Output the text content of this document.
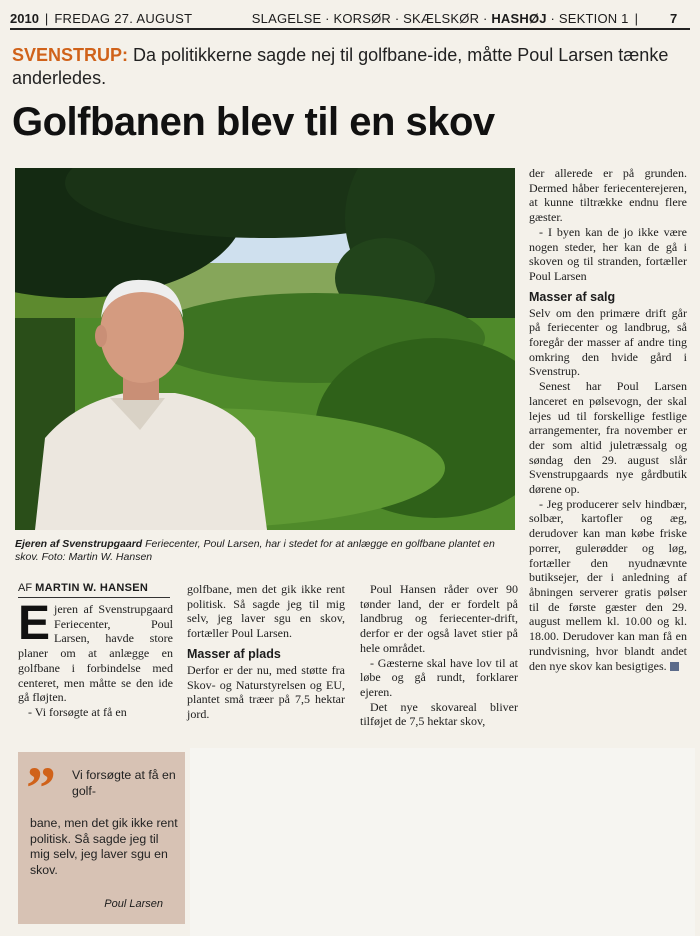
2010 | FREDAG 27. AUGUST	SLAGELSE · KORSØR · SKÆLSKØR · HASHØJ · SEKTION 1 | 7
SVENSTRUP: Da politikkerne sagde nej til golfbane-ide, måtte Poul Larsen tænke anderledes.
Golfbanen blev til en skov
Ejeren af Svenstrupgaard Feriecenter, Poul Larsen, har i stedet for at anlægge en golfbane plantet en skov. Foto: Martin W. Hansen
AF MARTIN W. HANSEN

Ejeren af Svenstrupgaard Feriecenter, Poul Larsen, havde store planer om at anlægge en golfbane i forbindelse med centeret, men måtte se den ide gå fløjten.

- Vi forsøgte at få en

golfbane, men det gik ikke rent politisk. Så sagde jeg til mig selv, jeg laver sgu en skov, fortæller Poul Larsen.

Masser af plads

Derfor er der nu, med støtte fra Skov- og Naturstyrelsen og EU, plantet små træer på 7,5 hektar jord.

Poul Hansen råder over 90 tønder land, der er fordelt på landbrug og feriecenter-drift, derfor er der også lavet stier på hele området.

- Gæsterne skal have lov til at løbe og gå rundt, forklarer ejeren.

Det nye skovareal bliver tilføjet de 7,5 hektar skov,

der allerede er på grunden. Dermed håber feriecenterejeren, at kunne tiltrække endnu flere gæster.

- I byen kan de jo ikke være nogen steder, her kan de gå i skoven og til stranden, fortæller Poul Larsen

Masser af salg

Selv om den primære drift går på feriecenter og landbrug, så foregår der masser af andre ting omkring den hvide gård i Svenstrup.

Senest har Poul Larsen lanceret en pølsevogn, der skal lejes ud til forskellige festlige arrangementer, fra november er der som altid juletræssalg og søndag den 29. august slår Svenstrupgaards nye gårdbutik dørene op.

- Jeg producerer selv hindbær, solbær, kartofler og æg, derudover kan man købe friske porrer, gulerødder og løg, fortæller den nyudnævnte butiksejer, der i anledning af åbningen serverer gratis pølser til de første gæster den 29. august mellem kl. 10.00 og kl. 18.00. Derudover kan man få en rundvisning, hvor blandt andet den nye skov kan besigtiges.

” Vi forsøgte at få en golf-
bane, men det gik ikke rent politisk. Så sagde jeg til mig selv, jeg laver sgu en skov.
Poul Larsen
